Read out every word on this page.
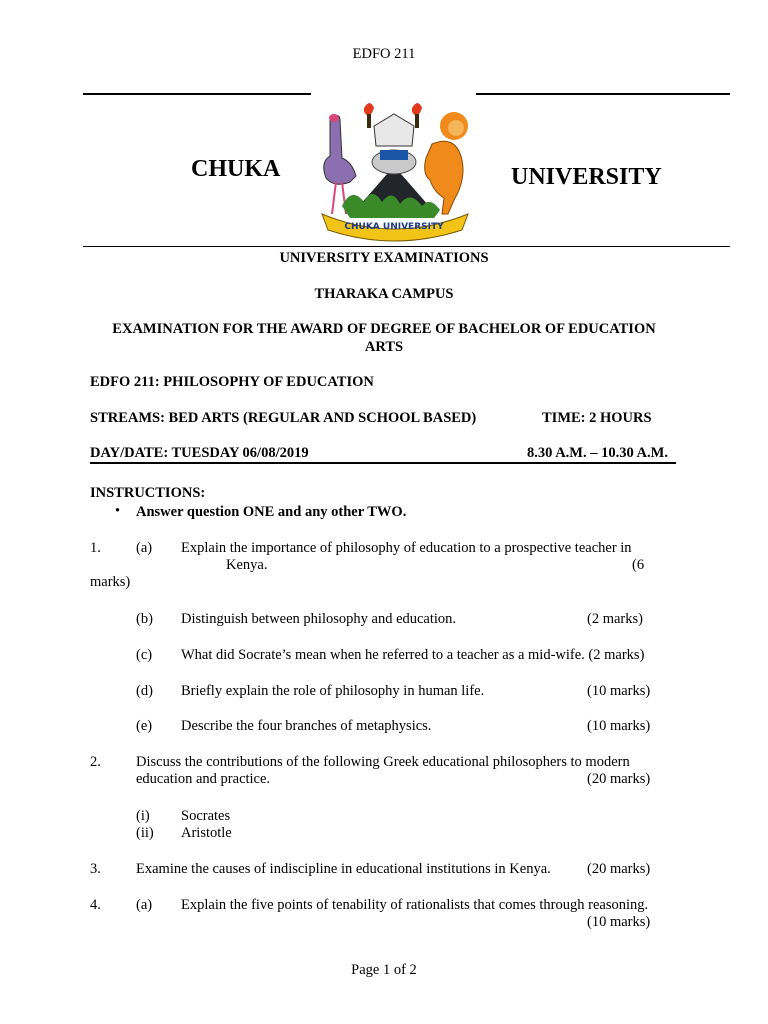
EDFO 211
CHUKA	UNIVERSITY
CHUKA UNIVERSITY
UNIVERSITY EXAMINATIONS
THARAKA CAMPUS
EXAMINATION FOR THE AWARD OF DEGREE OF BACHELOR OF EDUCATION
ARTS
EDFO 211: PHILOSOPHY OF EDUCATION
STREAMS: BED ARTS (REGULAR AND SCHOOL BASED)	TIME: 2 HOURS
DAY/DATE: TUESDAY 06/08/2019	8.30 A.M. – 10.30 A.M.
INSTRUCTIONS:
• Answer question ONE and any other TWO.
1. (a) Explain the importance of philosophy of education to a prospective teacher in
Kenya.	(6
marks)
(b) Distinguish between philosophy and education.	(2 marks)
(c) What did Socrate’s mean when he referred to a teacher as a mid-wife. (2 marks)
(d) Briefly explain the role of philosophy in human life.	(10 marks)
(e) Describe the four branches of metaphysics.	(10 marks)
2. Discuss the contributions of the following Greek educational philosophers to modern
education and practice.	(20 marks)
(i) Socrates
(ii) Aristotle
3. Examine the causes of indiscipline in educational institutions in Kenya. (20 marks)
4. (a) Explain the five points of tenability of rationalists that comes through reasoning.
(10 marks)
Page 1 of 2
